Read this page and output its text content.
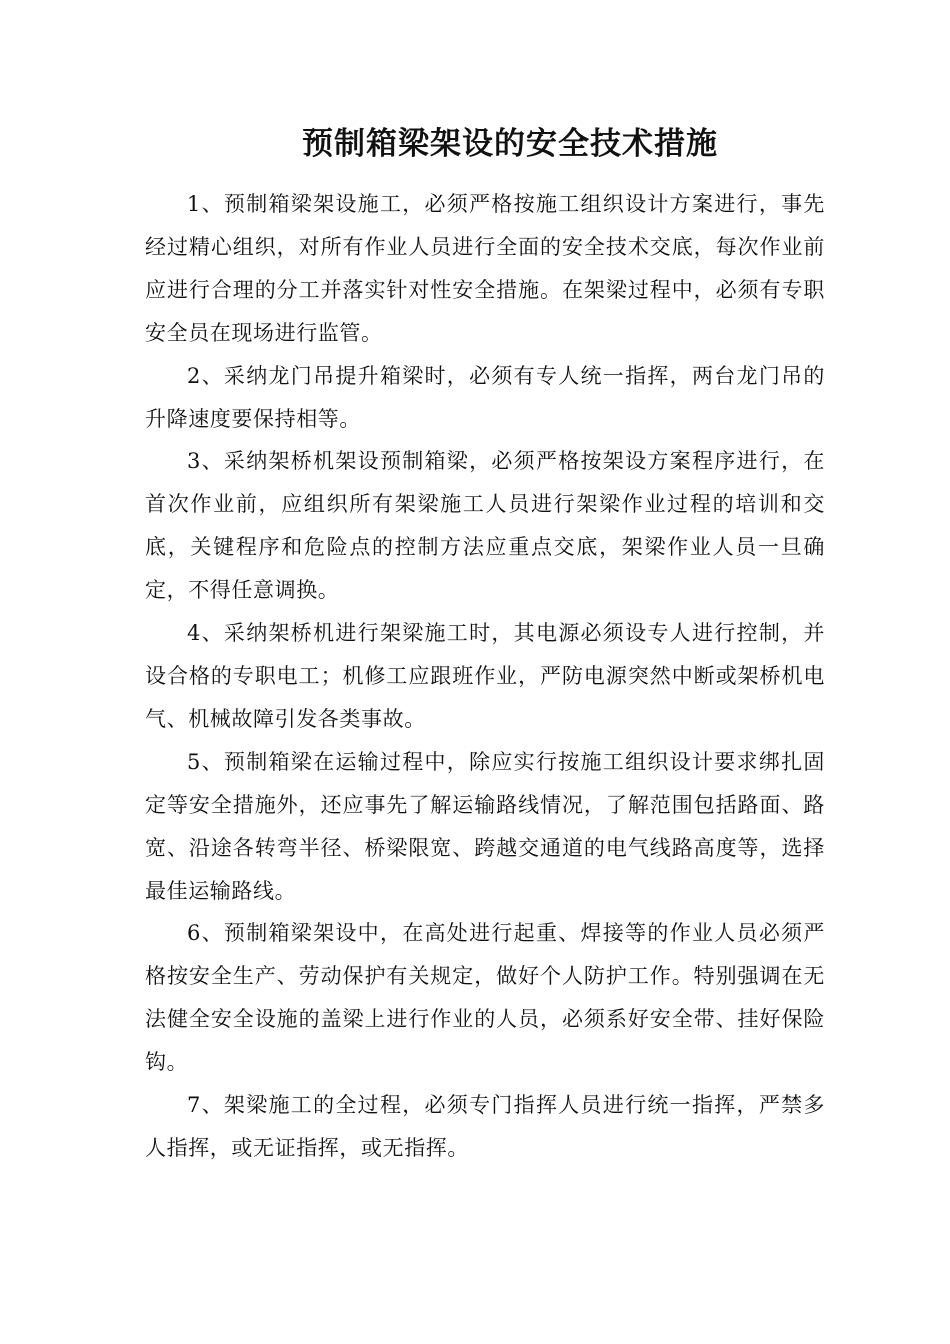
预制箱梁架设的安全技术措施

1、预制箱梁架设施工，必须严格按施工组织设计方案进行，事先经过精心组织，对所有作业人员进行全面的安全技术交底，每次作业前应进行合理的分工并落实针对性安全措施。在架梁过程中，必须有专职安全员在现场进行监管。

2、采纳龙门吊提升箱梁时，必须有专人统一指挥，两台龙门吊的升降速度要保持相等。

3、采纳架桥机架设预制箱梁，必须严格按架设方案程序进行，在首次作业前，应组织所有架梁施工人员进行架梁作业过程的培训和交底，关键程序和危险点的控制方法应重点交底，架梁作业人员一旦确定，不得任意调换。

4、采纳架桥机进行架梁施工时，其电源必须设专人进行控制，并设合格的专职电工；机修工应跟班作业，严防电源突然中断或架桥机电气、机械故障引发各类事故。

5、预制箱梁在运输过程中，除应实行按施工组织设计要求绑扎固定等安全措施外，还应事先了解运输路线情况，了解范围包括路面、路宽、沿途各转弯半径、桥梁限宽、跨越交通道的电气线路高度等，选择最佳运输路线。

6、预制箱梁架设中，在高处进行起重、焊接等的作业人员必须严格按安全生产、劳动保护有关规定，做好个人防护工作。特别强调在无法健全安全设施的盖梁上进行作业的人员，必须系好安全带、挂好保险钩。

7、架梁施工的全过程，必须专门指挥人员进行统一指挥，严禁多人指挥，或无证指挥，或无指挥。
